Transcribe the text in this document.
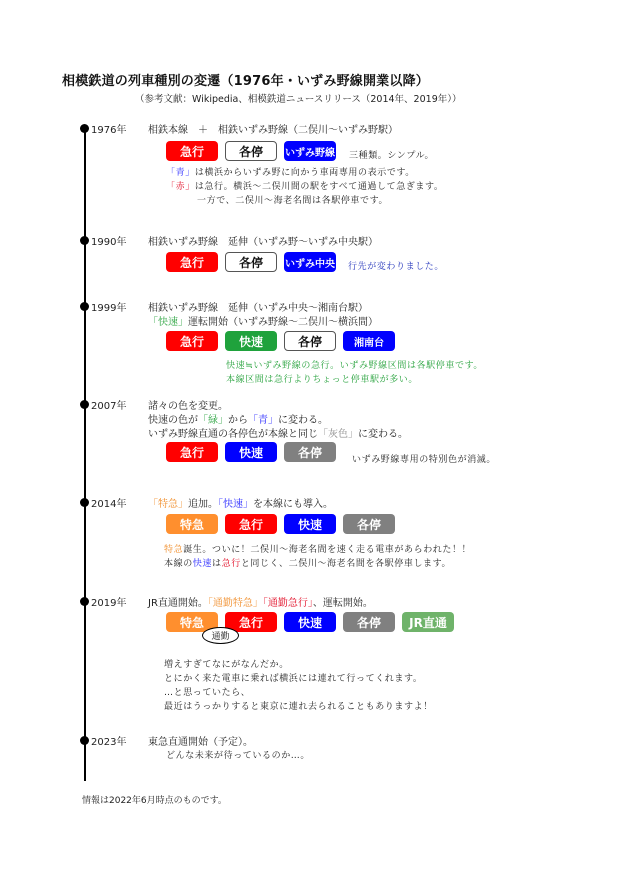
相模鉄道の列車種別の変遷（1976年・いずみ野線開業以降）
（参考文献：Wikipedia、相模鉄道ニュースリリース（2014年、2019年））
1976年 相鉄本線　＋　相鉄いずみ野線（二俣川～いずみ野駅）
急行	各停	いずみ野線 三種類。シンプル。
「青」は横浜からいずみ野に向かう車両専用の表示です。
「赤」は急行。横浜～二俣川間の駅をすべて通過して急ぎます。
一方で、二俣川～海老名間は各駅停車です。
1990年 相鉄いずみ野線　延伸（いずみ野～いずみ中央駅）
急行	各停	いずみ中央 行先が変わりました。
1999年 相鉄いずみ野線　延伸（いずみ中央～湘南台駅）
「快速」運転開始（いずみ野線～二俣川～横浜間）
急行	快速	各停	湘南台
快速≒いずみ野線の急行。いずみ野線区間は各駅停車です。
本線区間は急行よりちょっと停車駅が多い。
2007年 諸々の色を変更。
快速の色が「緑」から「青」に変わる。
いずみ野線直通の各停色が本線と同じ「灰色」に変わる。
急行	快速	各停
いずみ野線専用の特別色が消滅。
2014年 「特急」追加。「快速」を本線にも導入。
特急	急行	快速	各停
特急誕生。ついに！二俣川～海老名間を速く走る電車があらわれた！！
本線の快速は急行と同じく、二俣川～海老名間を各駅停車します。
2019年 JR直通開始。「通勤特急」「通勤急行」、運転開始。
特急	急行	快速	各停	JR直通
通勤
増えすぎてなにがなんだか。
とにかく来た電車に乗れば横浜には連れて行ってくれます。
…と思っていたら、
最近はうっかりすると東京に連れ去られることもありますよ！
2023年 東急直通開始（予定）。
どんな未来が待っているのか…。
情報は2022年6月時点のものです。
